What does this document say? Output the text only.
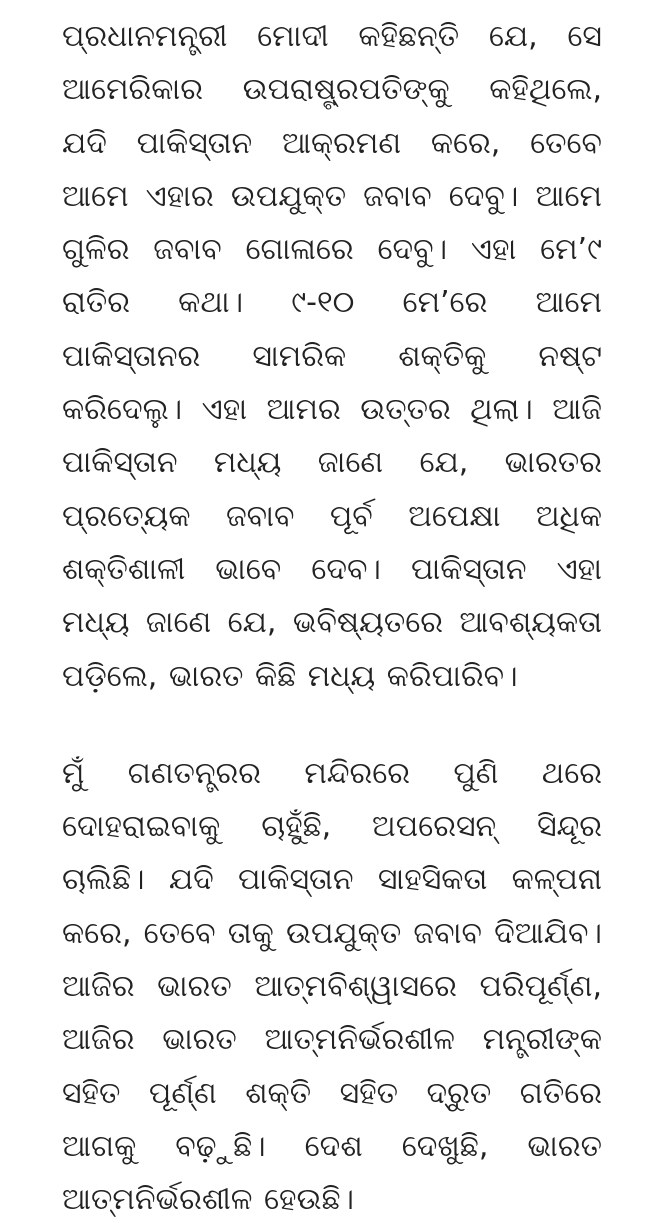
ପ୍ରଧାନମନ୍ତ୍ରୀ ମୋଦୀ କହିଛନ୍ତି ଯେ, ସେ ଆମେରିକାର ଉପରାଷ୍ଟ୍ରପତିଙ୍କୁ କହିଥିଲେ, ଯଦି ପାକିସ୍ତାନ ଆକ୍ରମଣ କରେ, ତେବେ ଆମେ ଏହାର ଉପଯୁକ୍ତ ଜବାବ ଦେବୁ। ଆମେ ଗୁଳିର ଜବାବ ଗୋଳାରେ ଦେବୁ। ଏହା ମେ’୯ ରାତିର କଥା। ୯-୧୦ ମେ’ରେ ଆମେ ପାକିସ୍ତାନର ସାମରିକ ଶକ୍ତିକୁ ନଷ୍ଟ କରିଦେଲୁ। ଏହା ଆମର ଉତ୍ତର ଥିଲା। ଆଜି ପାକିସ୍ତାନ ମଧ୍ୟ ଜାଣେ ଯେ, ଭାରତର ପ୍ରତ୍ୟେକ ଜବାବ ପୂର୍ବ ଅପେକ୍ଷା ଅଧିକ ଶକ୍ତିଶାଳୀ ଭାବେ ଦେବ। ପାକିସ୍ତାନ ଏହା ମଧ୍ୟ ଜାଣେ ଯେ, ଭବିଷ୍ୟତରେ ଆବଶ୍ୟକତା ପଡ଼ିଲେ, ଭାରତ କିଛି ମଧ୍ୟ କରିପାରିବ।

ମୁଁ ଗଣତନ୍ତ୍ରର ମନ୍ଦିରରେ ପୁଣି ଥରେ ଦୋହରାଇବାକୁ ଚାହୁଁଛି, ଅପରେସନ୍ ସିନ୍ଦୂର ଚାଲିଛି। ଯଦି ପାକିସ୍ତାନ ସାହସିକତା କଳ୍ପନା କରେ, ତେବେ ତାକୁ ଉପଯୁକ୍ତ ଜବାବ ଦିଆଯିବ। ଆଜିର ଭାରତ ଆତ୍ମବିଶ୍ୱାସରେ ପରିପୂର୍ଣ୍ଣ, ଆଜିର ଭାରତ ଆତ୍ମନିର୍ଭରଶୀଳ ମନ୍ତ୍ରୀଙ୍କ ସହିତ ପୂର୍ଣ୍ଣ ଶକ୍ତି ସହିତ ଦ୍ରୁତ ଗତିରେ ଆଗକୁ ବଢ଼ୁଛି। ଦେଶ ଦେଖୁଛି, ଭାରତ ଆତ୍ମନିର୍ଭରଶୀଳ ହେଉଛି।
